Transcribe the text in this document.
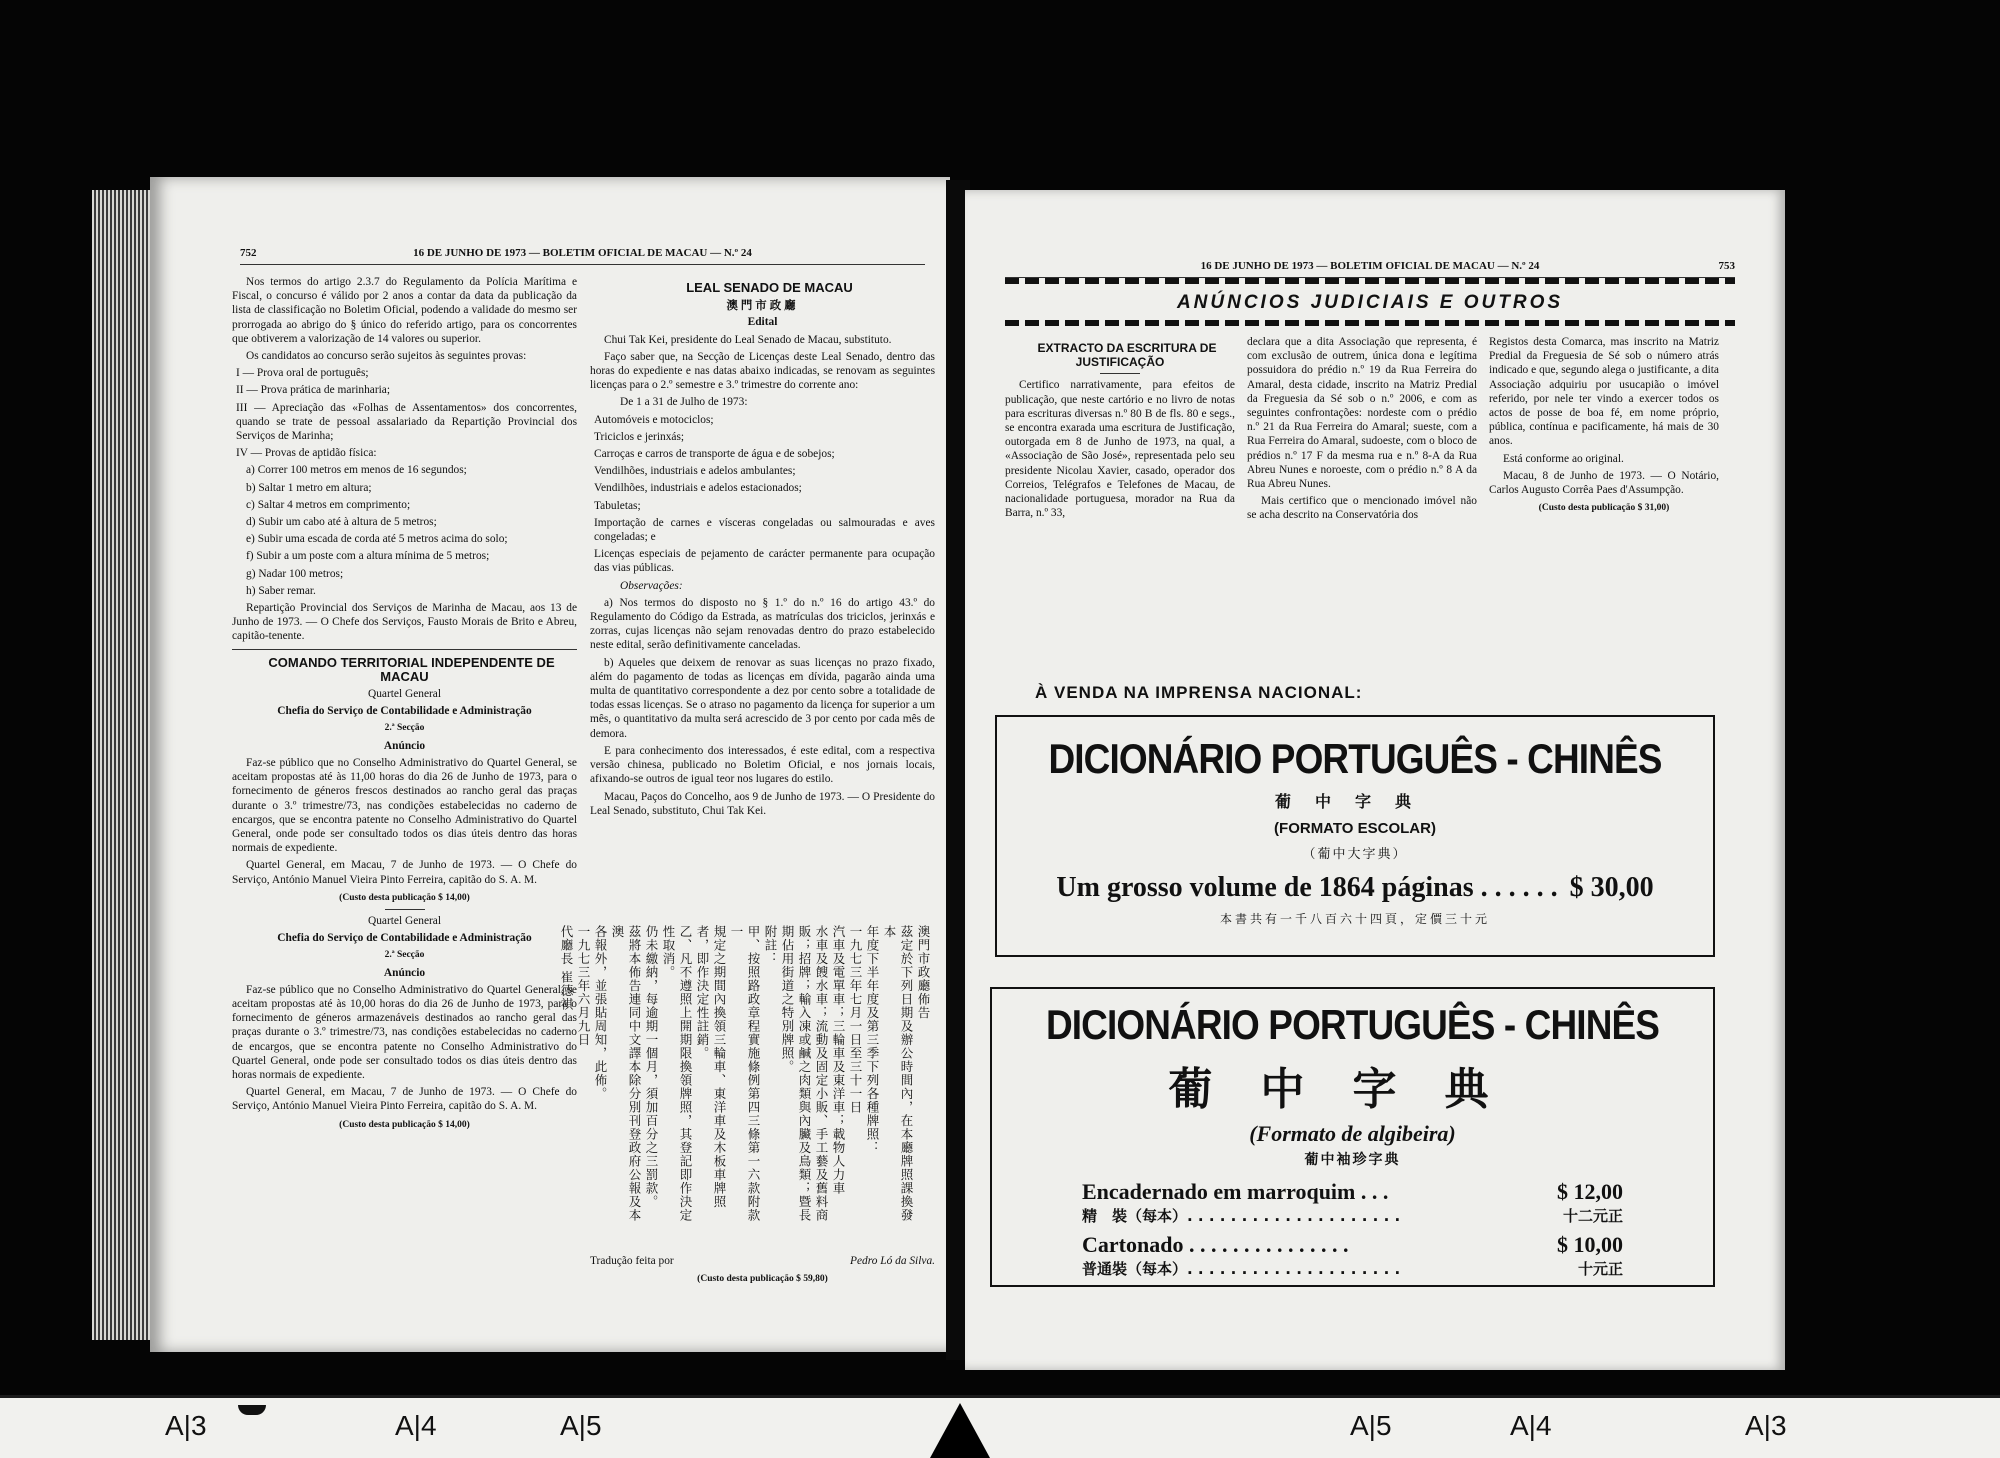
752	16 DE JUNHO DE 1973 — BOLETIM OFICIAL DE MACAU — N.º 24

Nos termos do artigo 2.3.7 do Regulamento da Polícia Marítima e Fiscal, o concurso é válido por 2 anos a contar da data da publicação da lista de classificação no Boletim Oficial, podendo a validade do mesmo ser prorrogada ao abrigo do § único do referido artigo, para os concorrentes que obtiverem a valorização de 14 valores ou superior.

Os candidatos ao concurso serão sujeitos às seguintes provas:

I — Prova oral de português;

II — Prova prática de marinharia;

III — Apreciação das «Folhas de Assentamentos» dos concorrentes, quando se trate de pessoal assalariado da Repartição Provincial dos Serviços de Marinha;

IV — Provas de aptidão física:

a) Correr 100 metros em menos de 16 segundos;

b) Saltar 1 metro em altura;

c) Saltar 4 metros em comprimento;

d) Subir um cabo até à altura de 5 metros;

e) Subir uma escada de corda até 5 metros acima do solo;

f) Subir a um poste com a altura mínima de 5 metros;

g) Nadar 100 metros;

h) Saber remar.

Repartição Provincial dos Serviços de Marinha de Macau, aos 13 de Junho de 1973. — O Chefe dos Serviços, Fausto Morais de Brito e Abreu, capitão-tenente.

COMANDO TERRITORIAL INDEPENDENTE DE MACAU

Quartel General

Chefia do Serviço de Contabilidade e Administração

2.ª Secção

Anúncio

Faz-se público que no Conselho Administrativo do Quartel General, se aceitam propostas até às 11,00 horas do dia 26 de Junho de 1973, para o fornecimento de géneros frescos destinados ao rancho geral das praças durante o 3.º trimestre/73, nas condições estabelecidas no caderno de encargos, que se encontra patente no Conselho Administrativo do Quartel General, onde pode ser consultado todos os dias úteis dentro das horas normais de expediente.

Quartel General, em Macau, 7 de Junho de 1973. — O Chefe do Serviço, António Manuel Vieira Pinto Ferreira, capitão do S. A. M.

(Custo desta publicação $ 14,00)

Quartel General

Chefia do Serviço de Contabilidade e Administração

2.ª Secção

Anúncio

Faz-se público que no Conselho Administrativo do Quartel General, se aceitam propostas até às 10,00 horas do dia 26 de Junho de 1973, para o fornecimento de géneros armazenáveis destinados ao rancho geral das praças durante o 3.º trimestre/73, nas condições estabelecidas no caderno de encargos, que se encontra patente no Conselho Administrativo do Quartel General, onde pode ser consultado todos os dias úteis dentro das horas normais de expediente.

Quartel General, em Macau, 7 de Junho de 1973. — O Chefe do Serviço, António Manuel Vieira Pinto Ferreira, capitão do S. A. M.

(Custo desta publicação $ 14,00)

LEAL SENADO DE MACAU

澳門市政廳

Edital

Chui Tak Kei, presidente do Leal Senado de Macau, substituto.

Faço saber que, na Secção de Licenças deste Leal Senado, dentro das horas do expediente e nas datas abaixo indicadas, se renovam as seguintes licenças para o 2.º semestre e 3.º trimestre do corrente ano:

De 1 a 31 de Julho de 1973:

Automóveis e motociclos;

Triciclos e jerinxás;

Carroças e carros de transporte de água e de sobejos;

Vendilhões, industriais e adelos ambulantes;

Vendilhões, industriais e adelos estacionados;

Tabuletas;

Importação de carnes e vísceras congeladas ou salmouradas e aves congeladas; e

Licenças especiais de pejamento de carácter permanente para ocupação das vias públicas.

Observações:

a) Nos termos do disposto no § 1.º do n.º 16 do artigo 43.º do Regulamento do Código da Estrada, as matrículas dos triciclos, jerinxás e zorras, cujas licenças não sejam renovadas dentro do prazo estabelecido neste edital, serão definitivamente canceladas.

b) Aqueles que deixem de renovar as suas licenças no prazo fixado, além do pagamento de todas as licenças em dívida, pagarão ainda uma multa de quantitativo correspondente a dez por cento sobre a totalidade de todas essas licenças. Se o atraso no pagamento da licença for superior a um mês, o quantitativo da multa será acrescido de 3 por cento por cada mês de demora.

E para conhecimento dos interessados, é este edital, com a respectiva versão chinesa, publicado no Boletim Oficial, e nos jornais locais, afixando-se outros de igual teor nos lugares do estilo.

Macau, Paços do Concelho, aos 9 de Junho de 1973. — O Presidente do Leal Senado, substituto, Chui Tak Kei.

澳門市政廳佈告
茲定於下列日期及辦公時間內，在本廳牌照課換發本
年度下半年度及第三季下列各種牌照：
一九七三年七月一日至三十一日
汽車及電單車；三輪車及東洋車；載物人力車
水車及餿水車；流動及固定小販、手工藝及舊料商
販；招牌；輸入凍或鹹之肉類與內臟及鳥類；暨長
期佔用街道之特別牌照。
附註：
甲、按照路政章程實施條例第四三條第一六款附款一
規定之期間內換領三輪車、東洋車及木板車牌照者，即作決定性註銷。
乙、凡不遵照上開期限換領牌照，其登記即作決定性取消。
仍未繳納，每逾期一個月，須加百分之三罰款。
茲將本佈告連同中文譯本除分別刊登政府公報及本澳
各報外，並張貼周知，此佈。
一九七三年六月九日
代廳長 崔德祺

Tradução feita por	Pedro Ló da Silva.

(Custo desta publicação $ 59,80)

16 DE JUNHO DE 1973 — BOLETIM OFICIAL DE MACAU — N.º 24	753
ANÚNCIOS JUDICIAIS E OUTROS

EXTRACTO DA ESCRITURA DE JUSTIFICAÇÃO

Certifico narrativamente, para efeitos de publicação, que neste cartório e no livro de notas para escrituras diversas n.º 80 B de fls. 80 e segs., se encontra exarada uma escritura de Justificação, outorgada em 8 de Junho de 1973, na qual, a «Associação de São José», representada pelo seu presidente Nicolau Xavier, casado, operador dos Correios, Telégrafos e Telefones de Macau, de nacionalidade portuguesa, morador na Rua da Barra, n.º 33,

declara que a dita Associação que representa, é com exclusão de outrem, única dona e legítima possuidora do prédio n.º 19 da Rua Ferreira do Amaral, desta cidade, inscrito na Matriz Predial da Freguesia da Sé sob o n.º 2006, e com as seguintes confrontações: nordeste com o prédio n.º 21 da Rua Ferreira do Amaral; sueste, com a Rua Ferreira do Amaral, sudoeste, com o bloco de prédios n.º 17 F da mesma rua e n.º 8-A da Rua Abreu Nunes e noroeste, com o prédio n.º 8 A da Rua Abreu Nunes.

Mais certifico que o mencionado imóvel não se acha descrito na Conservatória dos

Registos desta Comarca, mas inscrito na Matriz Predial da Freguesia de Sé sob o número atrás indicado e que, segundo alega o justificante, a dita Associação adquiriu por usucapião o imóvel referido, por nele ter vindo a exercer todos os actos de posse de boa fé, em nome próprio, pública, contínua e pacificamente, há mais de 30 anos.

Está conforme ao original.

Macau, 8 de Junho de 1973. — O Notário, Carlos Augusto Corrêa Paes d'Assumpção.

(Custo desta publicação $ 31,00)

À VENDA NA IMPRENSA NACIONAL:
DICIONÁRIO PORTUGUÊS - CHINÊS
葡中字典
(FORMATO ESCOLAR)
（葡中大字典）
Um grosso volume de 1864 páginas . . . . . . $ 30,00
本書共有一千八百六十四頁，定價三十元
DICIONÁRIO PORTUGUÊS - CHINÊS
葡中字典
(Formato de algibeira)
葡中袖珍字典
Encadernado em marroquim . . .	$ 12,00
精　裝（每本）. . . . . . . . . . . . . . . . . . . .	十二元正
Cartonado . . . . . . . . . . . . . . .	$ 10,00
普通裝（每本）. . . . . . . . . . . . . . . . . . . .	十元正
A|3	A|4	A|5	A|5	A|4	A|3
